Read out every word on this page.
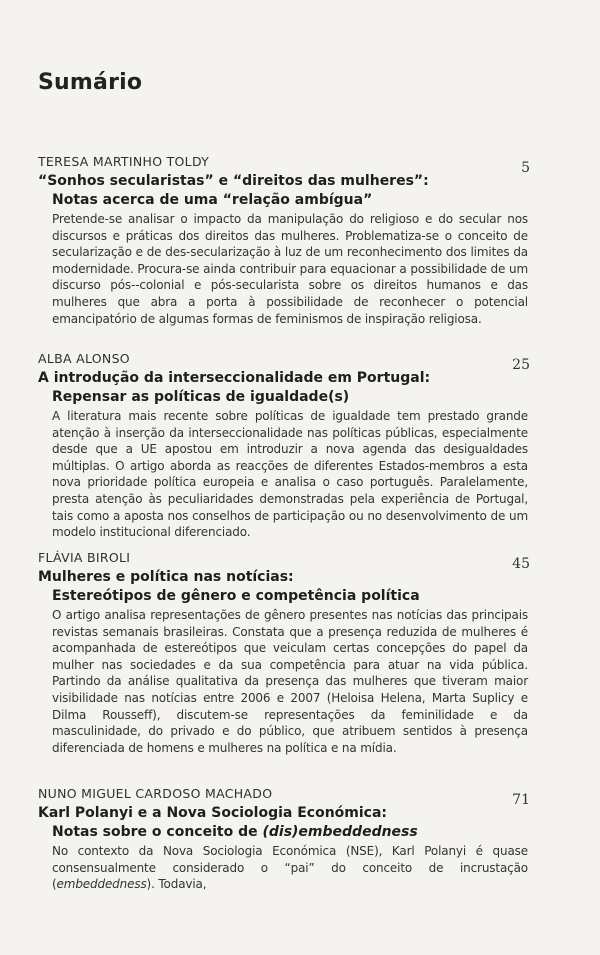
Sumário
TERESA MARTINHO TOLDY	5
“Sonhos secularistas” e “direitos das mulheres”:
Notas acerca de uma “relação ambígua”
Pretende-se analisar o impacto da manipulação do religioso e do secular nos discursos e práticas dos direitos das mulheres. Problematiza-se o conceito de secularização e de des-secularização à luz de um reconhecimento dos limites da modernidade. Procura-se ainda contribuir para equacionar a possibilidade de um discurso pós--colonial e pós-secularista sobre os direitos humanos e das mulheres que abra a porta à possibilidade de reconhecer o potencial emancipatório de algumas formas de feminismos de inspiração religiosa.
ALBA ALONSO	25
A introdução da interseccionalidade em Portugal:
Repensar as políticas de igualdade(s)
A literatura mais recente sobre políticas de igualdade tem prestado grande atenção à inserção da interseccionalidade nas políticas públicas, especialmente desde que a UE apostou em introduzir a nova agenda das desigualdades múltiplas. O artigo aborda as reacções de diferentes Estados-membros a esta nova prioridade política europeia e analisa o caso português. Paralelamente, presta atenção às peculiaridades demonstradas pela experiência de Portugal, tais como a aposta nos conselhos de participação ou no desenvolvimento de um modelo institucional diferenciado.
FLÁVIA BIROLI	45
Mulheres e política nas notícias:
Estereótipos de gênero e competência política
O artigo analisa representações de gênero presentes nas notícias das principais revistas semanais brasileiras. Constata que a presença reduzida de mulheres é acompanhada de estereótipos que veiculam certas concepções do papel da mulher nas sociedades e da sua competência para atuar na vida pública. Partindo da análise qualitativa da presença das mulheres que tiveram maior visibilidade nas notícias entre 2006 e 2007 (Heloisa Helena, Marta Suplicy e Dilma Rousseff), discutem-se representações da feminilidade e da masculinidade, do privado e do público, que atribuem sentidos à presença diferenciada de homens e mulheres na política e na mídia.
NUNO MIGUEL CARDOSO MACHADO	71
Karl Polanyi e a Nova Sociologia Económica:
Notas sobre o conceito de (dis)embeddedness
No contexto da Nova Sociologia Económica (NSE), Karl Polanyi é quase consensualmente considerado o “pai” do conceito de incrustação (embeddedness). Todavia,
